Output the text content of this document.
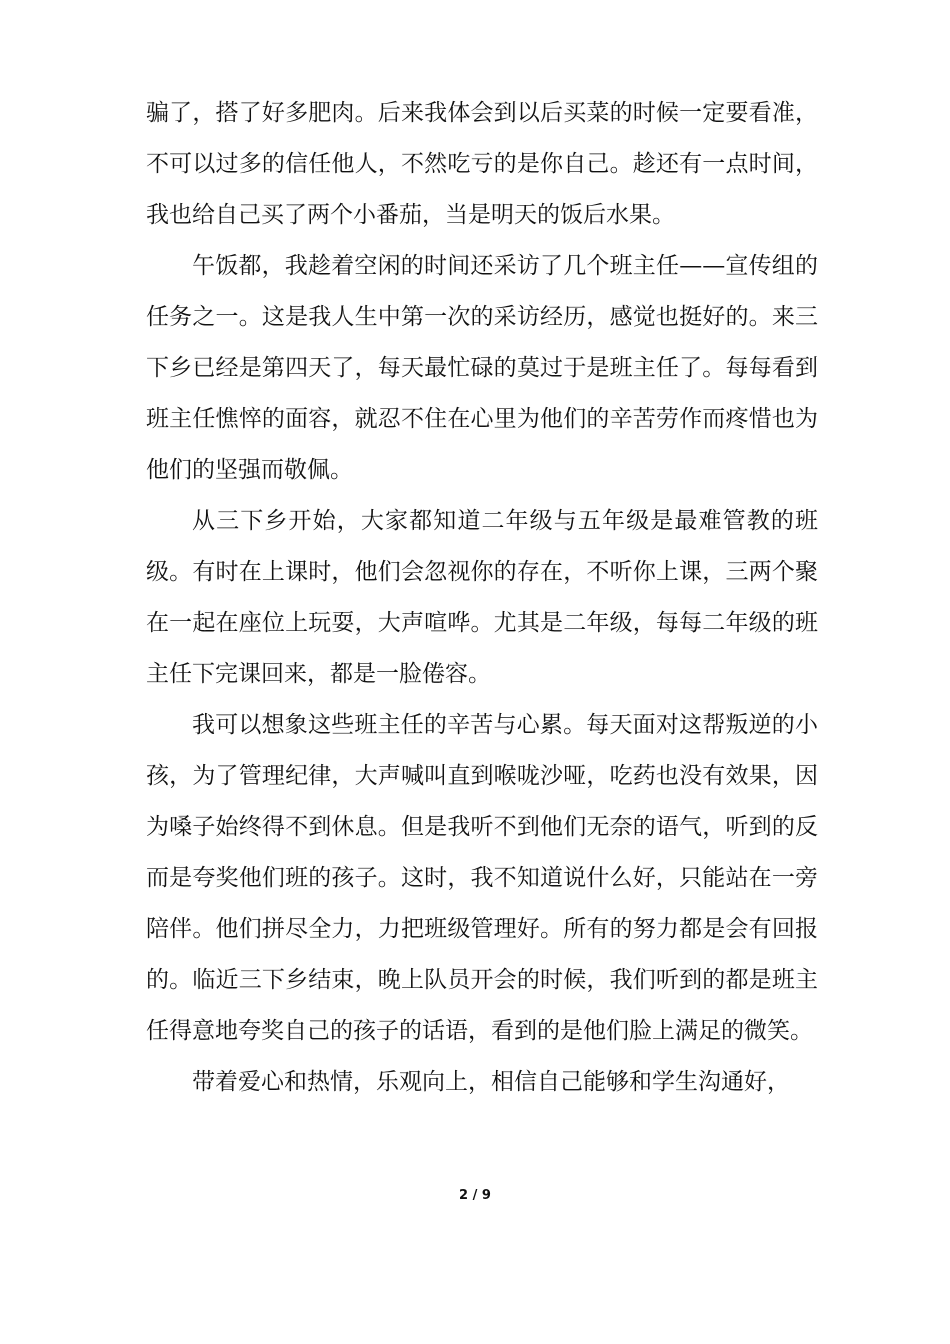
骗了，搭了好多肥肉。后来我体会到以后买菜的时候一定要看准，不可以过多的信任他人，不然吃亏的是你自己。趁还有一点时间，我也给自己买了两个小番茄，当是明天的饭后水果。

午饭都，我趁着空闲的时间还采访了几个班主任——宣传组的任务之一。这是我人生中第一次的采访经历，感觉也挺好的。来三下乡已经是第四天了，每天最忙碌的莫过于是班主任了。每每看到班主任憔悴的面容，就忍不住在心里为他们的辛苦劳作而疼惜也为他们的坚强而敬佩。

从三下乡开始，大家都知道二年级与五年级是最难管教的班级。有时在上课时，他们会忽视你的存在，不听你上课，三两个聚在一起在座位上玩耍，大声喧哗。尤其是二年级，每每二年级的班主任下完课回来，都是一脸倦容。

我可以想象这些班主任的辛苦与心累。每天面对这帮叛逆的小孩，为了管理纪律，大声喊叫直到喉咙沙哑，吃药也没有效果，因为嗓子始终得不到休息。但是我听不到他们无奈的语气，听到的反而是夸奖他们班的孩子。这时，我不知道说什么好，只能站在一旁陪伴。他们拼尽全力，力把班级管理好。所有的努力都是会有回报的。临近三下乡结束，晚上队员开会的时候，我们听到的都是班主任得意地夸奖自己的孩子的话语，看到的是他们脸上满足的微笑。

带着爱心和热情，乐观向上，相信自己能够和学生沟通好，

2 / 9
